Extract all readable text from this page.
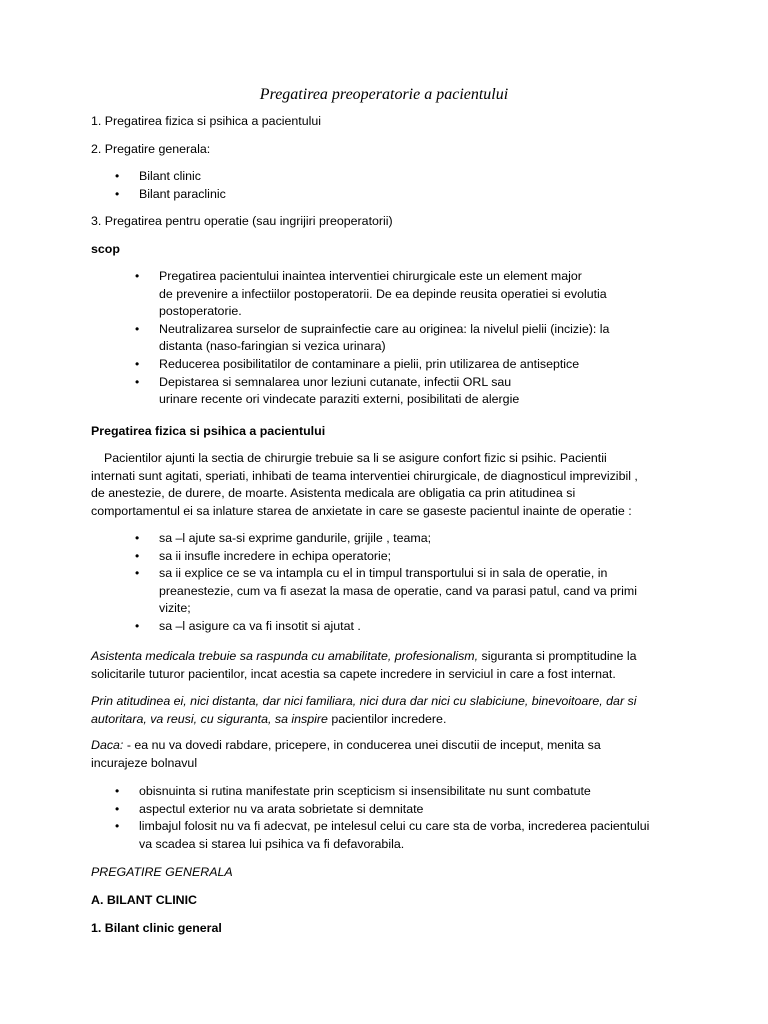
Pregatirea preoperatorie a pacientului

1. Pregatirea fizica si psihica a pacientului

2. Pregatire generala:

• Bilant clinic
• Bilant paraclinic

3. Pregatirea pentru operatie (sau ingrijiri preoperatorii)

scop

• Pregatirea pacientului inaintea interventiei chirurgicale este un element major
de prevenire a infectiilor postoperatorii. De ea depinde reusita operatiei si evolutia
postoperatorie.
• Neutralizarea surselor de suprainfectie care au originea: la nivelul pielii (incizie): la
distanta (naso-faringian si vezica urinara)
• Reducerea posibilitatilor de contaminare a pielii, prin utilizarea de antiseptice
• Depistarea si semnalarea unor leziuni cutanate, infectii ORL sau
urinare recente ori vindecate paraziti externi, posibilitati de alergie

Pregatirea fizica si psihica a pacientului

Pacientilor ajunti la sectia de chirurgie trebuie sa li se asigure confort fizic si psihic. Pacientii
internati sunt agitati, speriati, inhibati de teama interventiei chirurgicale, de diagnosticul imprevizibil ,
de anestezie, de durere, de moarte. Asistenta medicala are obligatia ca prin atitudinea si
comportamentul ei sa inlature starea de anxietate in care se gaseste pacientul inainte de operatie :
• sa –l ajute sa-si exprime gandurile, grijile , teama;
• sa ii insufle incredere in echipa operatorie;
• sa ii explice ce se va intampla cu el in timpul transportului si in sala de operatie, in
preanestezie, cum va fi asezat la masa de operatie, cand va parasi patul, cand va primi
vizite;
• sa –l asigure ca va fi insotit si ajutat .
Asistenta medicala trebuie sa raspunda cu amabilitate, profesionalism, siguranta si promptitudine la
solicitarile tuturor pacientilor, incat acestia sa capete incredere in serviciul in care a fost internat.
Prin atitudinea ei, nici distanta, dar nici familiara, nici dura dar nici cu slabiciune, binevoitoare, dar si
autoritara, va reusi, cu siguranta, sa inspire pacientilor incredere.
Daca: - ea nu va dovedi rabdare, pricepere, in conducerea unei discutii de inceput, menita sa
incurajeze bolnavul
• obisnuinta si rutina manifestate prin scepticism si insensibilitate nu sunt combatute
• aspectul exterior nu va arata sobrietate si demnitate
• limbajul folosit nu va fi adecvat, pe intelesul celui cu care sta de vorba, increderea pacientului
va scadea si starea lui psihica va fi defavorabila.

PREGATIRE GENERALA

A. BILANT CLINIC

1. Bilant clinic general
